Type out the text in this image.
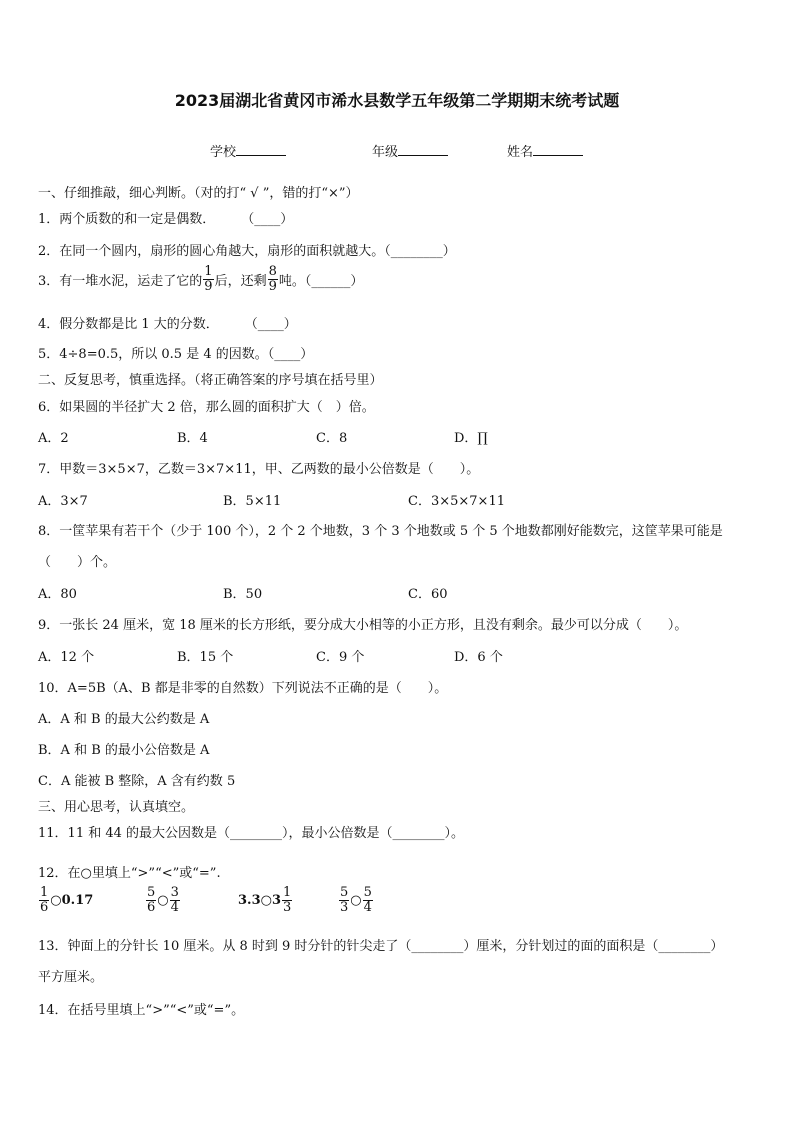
2023届湖北省黄冈市浠水县数学五年级第二学期期末统考试题
学校	年级	姓名
一、仔细推敲，细心判断。（对的打“ √ ”，错的打“×”）
1．两个质数的和一定是偶数．　　　（____）
2．在同一个圆内，扇形的圆心角越大，扇形的面积就越大。（________）
3．有一堆水泥，运走了它的 $\frac{1}{9}$ 后，还剩 $\frac{8}{9}$ 吨。（______）
4．假分数都是比 1 大的分数．　　　（____）
5．4÷8=0.5，所以 0.5 是 4 的因数。（____）
二、反复思考，慎重选择。（将正确答案的序号填在括号里）
6．如果圆的半径扩大 2 倍，那么圆的面积扩大（　）倍。
A．2	B．4	C．8	D．∏
7．甲数＝3×5×7，乙数＝3×7×11，甲、乙两数的最小公倍数是（　　）。
A．3×7	B．5×11	C．3×5×7×11
8．一筐苹果有若干个（少于 100 个），2 个 2 个地数，3 个 3 个地数或 5 个 5 个地数都刚好能数完，这筐苹果可能是
（　　）个。
A．80	B．50	C．60
9．一张长 24 厘米，宽 18 厘米的长方形纸，要分成大小相等的小正方形，且没有剩余。最少可以分成（　　）。
A．12 个	B．15 个	C．9 个	D．6 个
10．A=5B（A、B 都是非零的自然数）下列说法不正确的是（　　）。
A．A 和 B 的最大公约数是 A
B．A 和 B 的最小公倍数是 A
C．A 能被 B 整除，A 含有约数 5
三、用心思考，认真填空。
11．11 和 44 的最大公因数是（________），最小公倍数是（________）。
12．在○里填上“>”“<”或“=”.
$\frac{1}{6}$ ○0.17	$\frac{5}{6}$ ○ $\frac{3}{4}$	3.3○3 $\frac{1}{3}$	$\frac{5}{3}$ ○ $\frac{5}{4}$
13．钟面上的分针长 10 厘米。从 8 时到 9 时分针的针尖走了（________）厘米，分针划过的面的面积是（________）
平方厘米。
14．在括号里填上“>”“<”或“=”。
